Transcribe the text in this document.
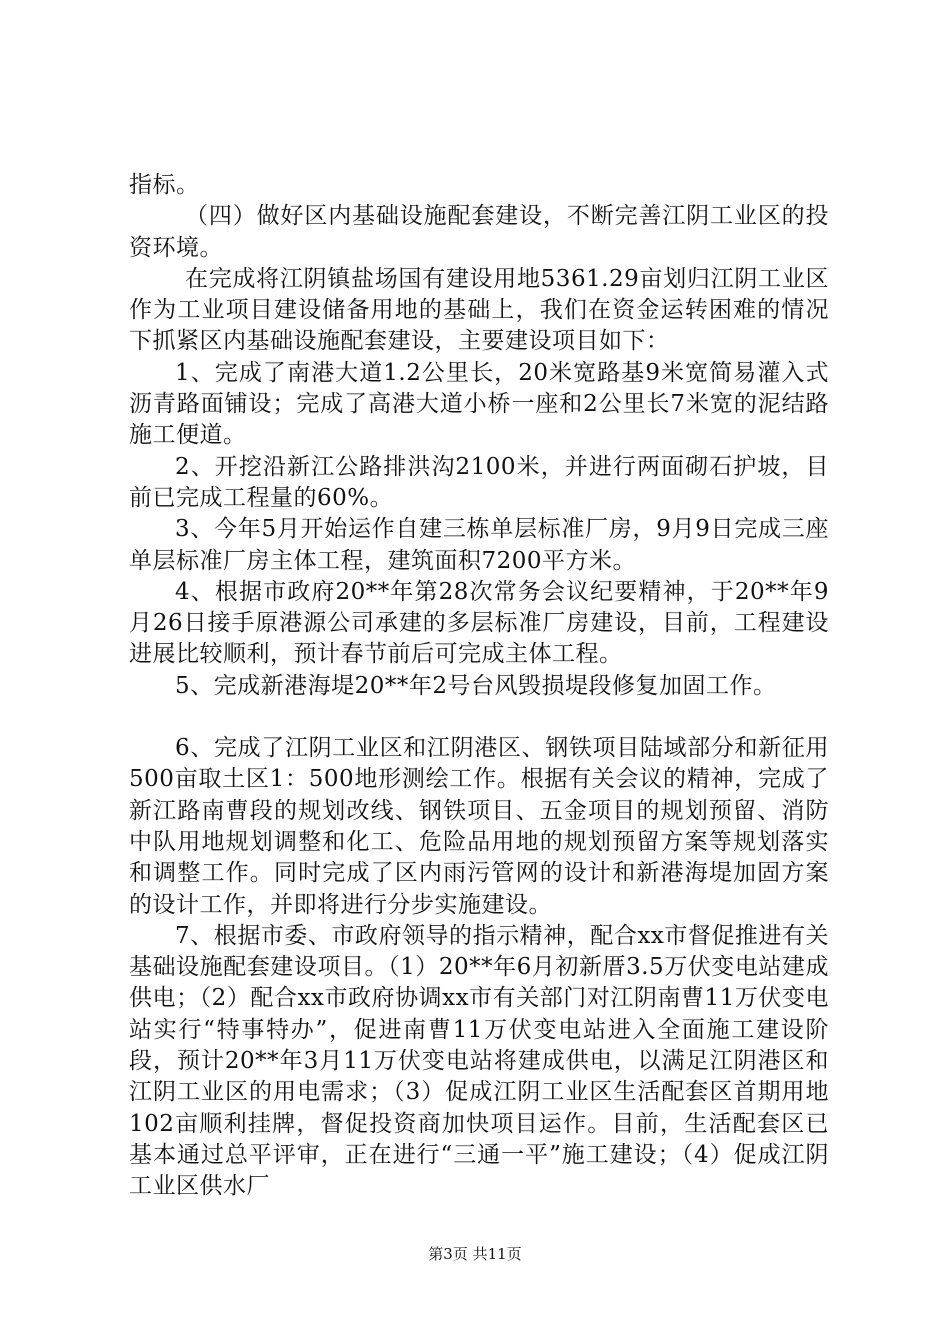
指标。

（四）做好区内基础设施配套建设，不断完善江阴工业区的投资环境。

在完成将江阴镇盐场国有建设用地5361.29亩划归江阴工业区作为工业项目建设储备用地的基础上，我们在资金运转困难的情况下抓紧区内基础设施配套建设，主要建设项目如下：

1、完成了南港大道1.2公里长，20米宽路基9米宽简易灌入式沥青路面铺设；完成了高港大道小桥一座和2公里长7米宽的泥结路施工便道。

2、开挖沿新江公路排洪沟2100米，并进行两面砌石护坡，目前已完成工程量的60%。

3、今年5月开始运作自建三栋单层标准厂房，9月9日完成三座单层标准厂房主体工程，建筑面积7200平方米。

4、根据市政府20**年第28次常务会议纪要精神，于20**年9月26日接手原港源公司承建的多层标准厂房建设，目前，工程建设进展比较顺利，预计春节前后可完成主体工程。

5、完成新港海堤20**年2号台风毁损堤段修复加固工作。

6、完成了江阴工业区和江阴港区、钢铁项目陆域部分和新征用500亩取土区1：500地形测绘工作。根据有关会议的精神，完成了新江路南曹段的规划改线、钢铁项目、五金项目的规划预留、消防中队用地规划调整和化工、危险品用地的规划预留方案等规划落实和调整工作。同时完成了区内雨污管网的设计和新港海堤加固方案的设计工作，并即将进行分步实施建设。

7、根据市委、市政府领导的指示精神，配合xx市督促推进有关基础设施配套建设项目。（1）20**年6月初新厝3.5万伏变电站建成供电；（2）配合xx市政府协调xx市有关部门对江阴南曹11万伏变电站实行“特事特办”，促进南曹11万伏变电站进入全面施工建设阶段，预计20**年3月11万伏变电站将建成供电，以满足江阴港区和江阴工业区的用电需求；（3）促成江阴工业区生活配套区首期用地102亩顺利挂牌，督促投资商加快项目运作。目前，生活配套区已基本通过总平评审，正在进行“三通一平”施工建设；（4）促成江阴工业区供水厂

第3页 共11页
